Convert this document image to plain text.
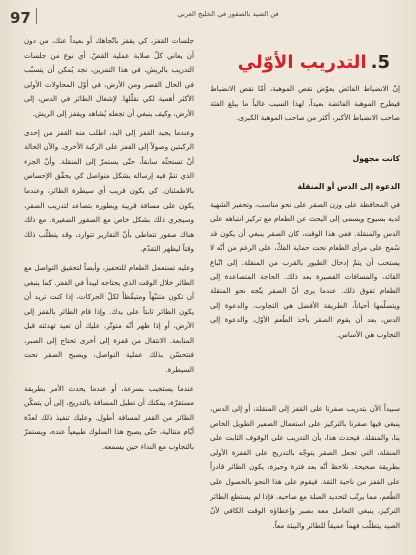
97	فن الصيد بالصقور في الخليج العربي
5.
التدريب الأوّلي

إنّ الانضباط الفائض يعوّض نقص الموهبة، أمّا نقص الانضباط فيطرح الموهبة الفائضة بعيداً، لهذا السبب غالباً ما يبلغ الفئة صاحب الانضباط الأكبر، أكثر من صاحب الموهبة الكبرى.

كانت مجهول
الدعوة إلى الدس أو المنقلة

في المحافظة على وزن الصقر على نحو مناسب، وتحفيز الشهية لديه بسيوح ويسمى إلى البحث عن الطعام مع تركيز انتباهه على الدس والمنقلة. ففي هذا الوقت، كان الصقر ينبغي أن يكون قد سُمح على مرأى الطعام تحت حماية الفكّ، على الرغم من أنّه لا يستحب أن يتمّ إدخال الطيور بالقرب من المنقلة. إلى اتّباع القائد، والمسافات القصيرة بعد ذلك. الحاجة المتصاعدة إلى الطعام تفوق ذلك. عندما يرى أنّ الصقر يتّجه نحو المنقلة ويتسلّمها أحياناً، الطريقة الأفضل هي التجاوب. والدعوة إلى الدس، بعد أن يقوم الصقر بأخذ الطُعم الأوّل، والدعوة إلى التجاوب هي الأساس.

سبيداً الآن بتدريب صقرنا على القفز إلى المنقلة، أو إلى الدس، ينبغي فيها صقرنا بالتركيز على استعمال الصفير الطويل الخاص بنا، والمنقلة. فيحدث هذا، بأن التدريب على الوقوف الثابت على المنقلة، التي تجعل الصقر يتوجّه بالتدريج على القفزة الأولى بطريقة صحيحة. نلاحظ أنّه بعد فترة وجيزة، يكون الطائر قادراً على القفز من ناحية الثقة. فيقوم على هذا النحو بالحصول على الطُعم، مما يرتّب لتحديد الصلة مع صاحبه. فإذا لم يستطع الطائر التركيز، ينبغي التعامل معه بصبر وإعطاؤه الوقت الكافي لأنّ الصيد يتطلّب فهماً عميقاً للطائر والبيئة معاً.

جلسات القفز، كي يقفز باتّجاهك أو بعيداً عنك، من دون أن يعاني كلّ صلابة عملية القصّ. أي نوع من جلسات التدريب بالريش، في هذا التمرين، نجد يُمكن أن يتسبّب في الحال القصر ومن الأرض، في أوّل المحاولات الأولى الأكثر أهمية لكي نقلّلها. لإشغال الطائر في الدس، إلى الأرض، وكيف ينبغي أن تجعله يُشاهد ويقفز إلى الريش.

وعندما يجيد القفز إلى اليد، اطلب منه القفز من إحدى الركبتين وصولاً إلى القفز على الركبة الأخرى. والآن الحالة أنّ تستحثّه سابقاً، حتّى يستمرّ إلى المنقلة. وأنّ الجزء الذي تتمّ فيه إرساله بشكل متواصل كي يحقّق الإحساس بالاطمئنان. كي يكون قريب أي سيطرة الطائر، وعندما يكون على مسافة قريبة ويطوره بتصاعد لتدريب الصقر، وسيجري ذلك بشكل خاص مع الصقور الصغيرة. مع ذلك هناك صقور تتعاطى بأنّ التقارير تتوارد، وقد يتطلّب ذلك وقتاً ليظهر التقدّم.

وعليه تستعمل الطعام للتحفيز، وأيضاً لتحقيق التواصل مع الطائر خلال الوقت الذي يحتاجه ليبدأ في القفز. كما ينبغي أن تكون متنبّهاً ومتيقّظاً لكلّ الحركات، إذا كنت تريد أن يكون الطائر ثابتاً على يدك. وإذا قام الطائر بالقفز إلى الأرض، أو إذا ظهر أنّه متوتّر، عليك أن تعيد تهدئته قبل المتابعة. الانتقال من قفزة إلى أخرى تحتاج إلى الصبر، فتتحسّن بذلك عملية التواصل، ويصبح الصقر تحت السيطرة.

عندما يستجيب بسرعة، أو عندما يحدث الأمر بطريقة مستقرّة، يمكنك أن تطيل المسافة بالتدريج، إلى أن يتمكّن الطائر من القفز لمسافة أطول. وعليك تنفيذ ذلك لعدّة أيّام متتالية، حتّى يصبح هذا السلوك طبيعياً عنده، ويستمرّ بالتجاوب مع النداء حين يسمعه.
